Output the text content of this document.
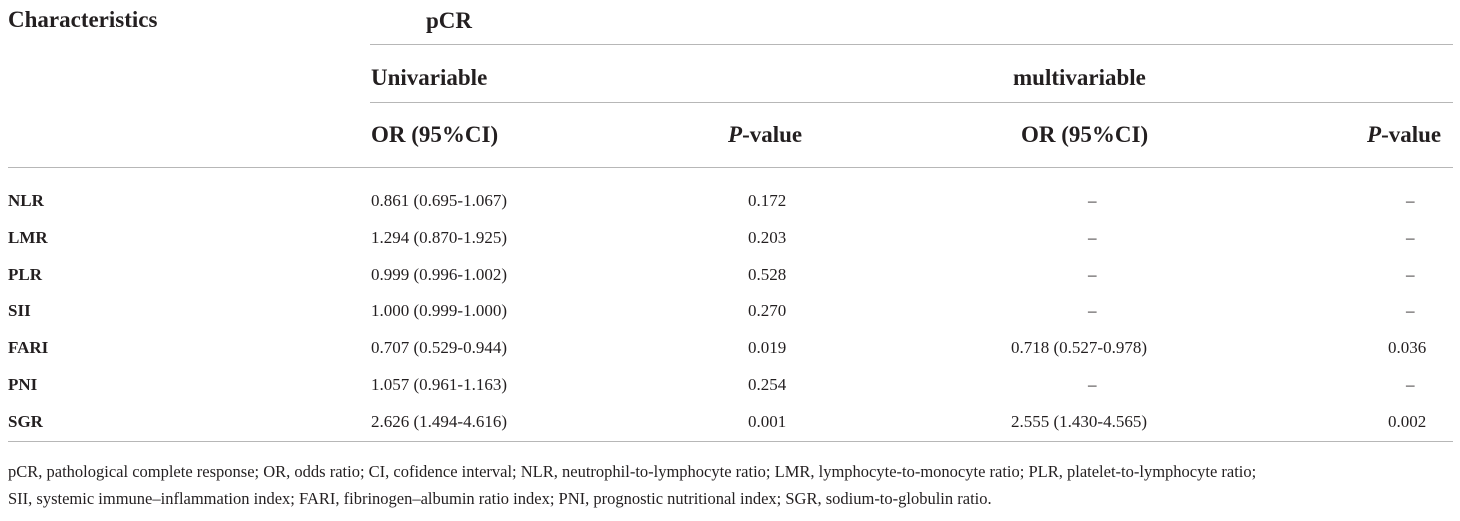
Characteristics	pCR
Univariable	multivariable
OR (95%CI)	P-value	OR (95%CI)	P-value
NLR	0.861 (0.695-1.067)	0.172	–	–
LMR	1.294 (0.870-1.925)	0.203	–	–
PLR	0.999 (0.996-1.002)	0.528	–	–
SII	1.000 (0.999-1.000)	0.270	–	–
FARI	0.707 (0.529-0.944)	0.019	0.718 (0.527-0.978)	0.036
PNI	1.057 (0.961-1.163)	0.254	–	–
SGR	2.626 (1.494-4.616)	0.001	2.555 (1.430-4.565)	0.002

pCR, pathological complete response; OR, odds ratio; CI, cofidence interval; NLR, neutrophil-to-lymphocyte ratio; LMR, lymphocyte-to-monocyte ratio; PLR, platelet-to-lymphocyte ratio;

SII, systemic immune–inflammation index; FARI, fibrinogen–albumin ratio index; PNI, prognostic nutritional index; SGR, sodium-to-globulin ratio.
